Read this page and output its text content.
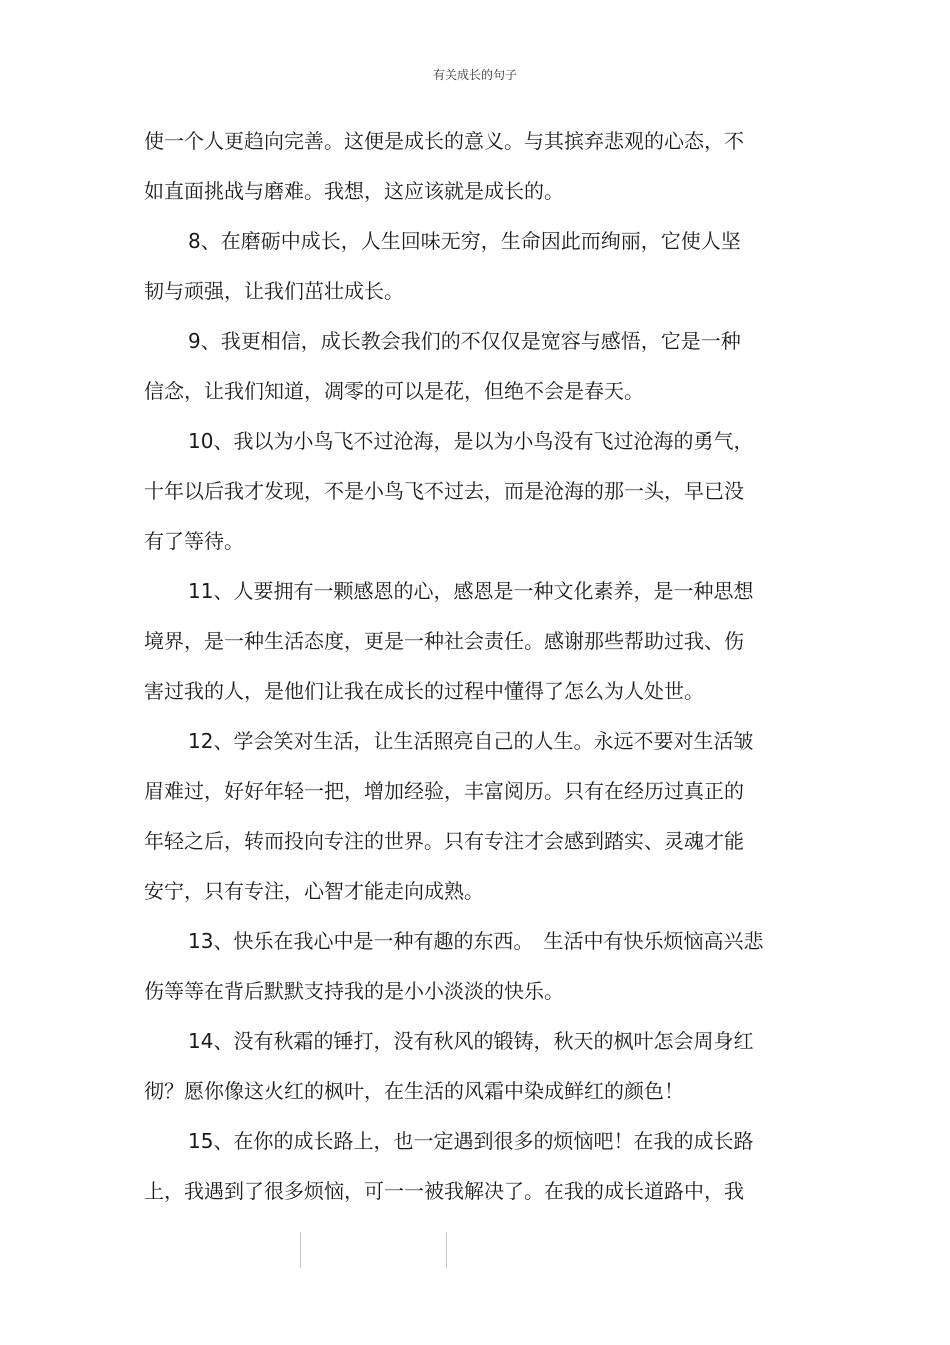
有关成长的句子
使一个人更趋向完善。这便是成长的意义。与其摈弃悲观的心态，不
如直面挑战与磨难。我想，这应该就是成长的。
8、在磨砺中成长，人生回味无穷，生命因此而绚丽，它使人坚
韧与顽强，让我们茁壮成长。
9、我更相信，成长教会我们的不仅仅是宽容与感悟，它是一种
信念，让我们知道，凋零的可以是花，但绝不会是春天。
10、我以为小鸟飞不过沧海，是以为小鸟没有飞过沧海的勇气，
十年以后我才发现，不是小鸟飞不过去，而是沧海的那一头，早已没
有了等待。
11、人要拥有一颗感恩的心，感恩是一种文化素养，是一种思想
境界，是一种生活态度，更是一种社会责任。感谢那些帮助过我、伤
害过我的人，是他们让我在成长的过程中懂得了怎么为人处世。
12、学会笑对生活，让生活照亮自己的人生。永远不要对生活皱
眉难过，好好年轻一把，增加经验，丰富阅历。只有在经历过真正的
年轻之后，转而投向专注的世界。只有专注才会感到踏实、灵魂才能
安宁，只有专注，心智才能走向成熟。
13、快乐在我心中是一种有趣的东西。　生活中有快乐烦恼高兴悲
伤等等在背后默默支持我的是小小淡淡的快乐。
14、没有秋霜的锤打，没有秋风的锻铸，秋天的枫叶怎会周身红
彻？愿你像这火红的枫叶，在生活的风霜中染成鲜红的颜色！
15、在你的成长路上，也一定遇到很多的烦恼吧！在我的成长路
上，我遇到了很多烦恼，可一一被我解决了。在我的成长道路中，我
